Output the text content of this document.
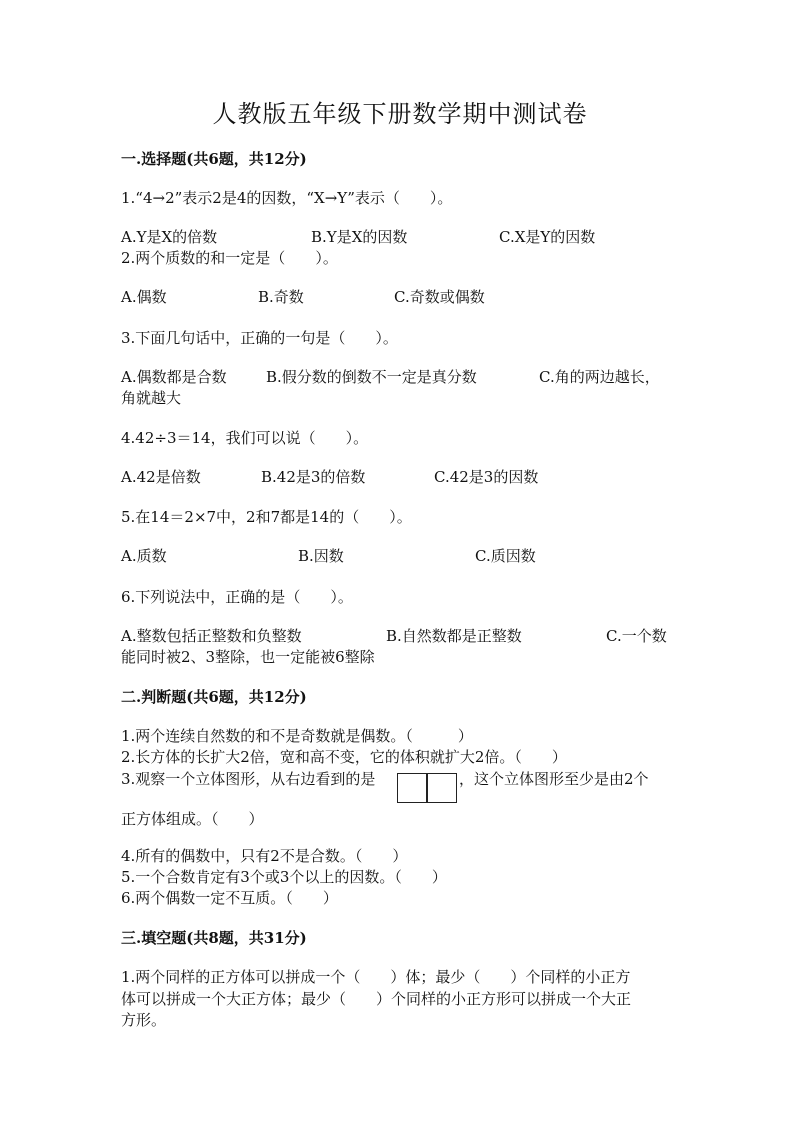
人教版五年级下册数学期中测试卷
一.选择题(共6题，共12分)
1.“4→2”表示2是4的因数，“X→Y”表示（　　）。
A.Y是X的倍数	B.Y是X的因数	C.X是Y的因数
2.两个质数的和一定是（　　）。
A.偶数	B.奇数	C.奇数或偶数
3.下面几句话中，正确的一句是（　　）。
A.偶数都是合数	B.假分数的倒数不一定是真分数	C.角的两边越长，
角就越大
4.42÷3＝14，我们可以说（　　）。
A.42是倍数	B.42是3的倍数	C.42是3的因数
5.在14＝2×7中，2和7都是14的（　　）。
A.质数	B.因数	C.质因数
6.下列说法中，正确的是（　　）。
A.整数包括正整数和负整数	B.自然数都是正整数	C.一个数
能同时被2、3整除，也一定能被6整除
二.判断题(共6题，共12分)
1.两个连续自然数的和不是奇数就是偶数。（　　　）
2.长方体的长扩大2倍，宽和高不变，它的体积就扩大2倍。（　　）
3.观察一个立体图形，从右边看到的是	，这个立体图形至少是由2个
正方体组成。（　　）
4.所有的偶数中，只有2不是合数。（　　）
5.一个合数肯定有3个或3个以上的因数。（　　）
6.两个偶数一定不互质。（　　）
三.填空题(共8题，共31分)
1.两个同样的正方体可以拼成一个（　　）体；最少（　　）个同样的小正方
体可以拼成一个大正方体；最少（　　）个同样的小正方形可以拼成一个大正
方形。
